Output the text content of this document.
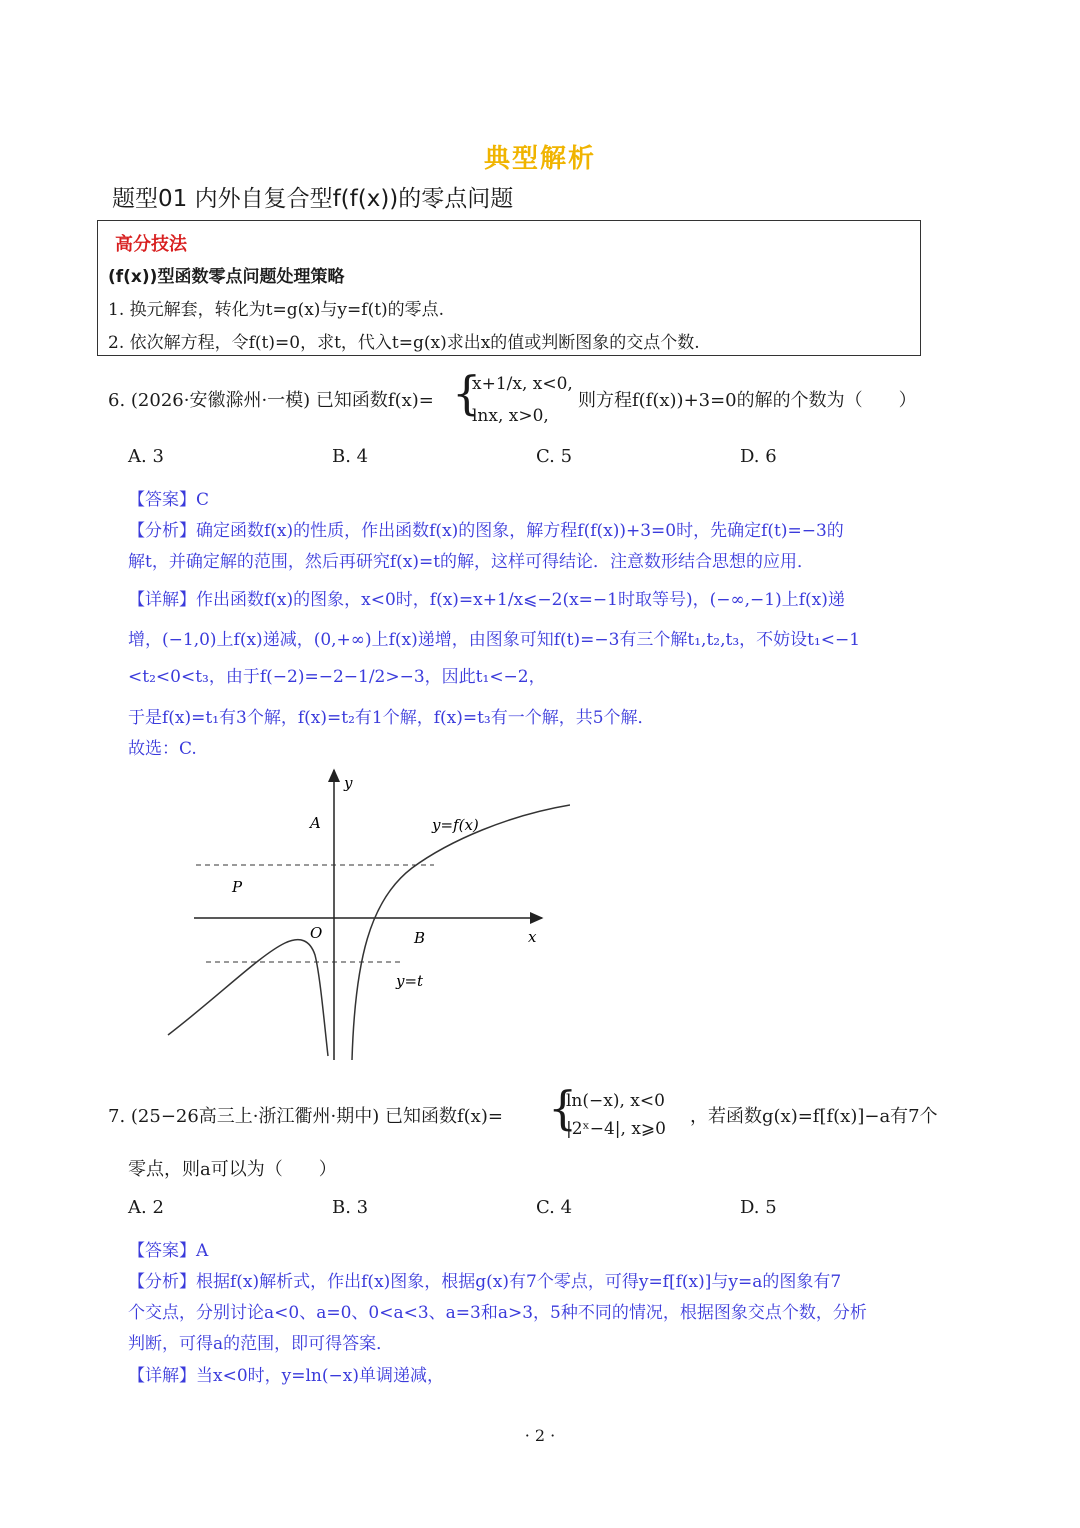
典型解析
题型01 内外自复合型f(f(x))的零点问题
高分技法
(f(x))型函数零点问题处理策略
1. 换元解套，转化为t=g(x)与y=f(t)的零点.
2. 依次解方程，令f(t)=0，求t，代入t=g(x)求出x的值或判断图象的交点个数.
6. (2026·安徽滁州·一模) 已知函数f(x)= {
x+1/x, x<0,
lnx, x>0,
则方程f(f(x))+3=0的解的个数为（　　）
A. 3	B. 4	C. 5	D. 6
【答案】C
【分析】确定函数f(x)的性质，作出函数f(x)的图象，解方程f(f(x))+3=0时，先确定f(t)=−3的
解t，并确定解的范围，然后再研究f(x)=t的解，这样可得结论．注意数形结合思想的应用．
【详解】作出函数f(x)的图象，x<0时，f(x)=x+1/x⩽−2(x=−1时取等号)，(−∞,−1)上f(x)递
增，(−1,0)上f(x)递减，(0,+∞)上f(x)递增，由图象可知f(t)=−3有三个解t₁,t₂,t₃，不妨设t₁<−1
<t₂<0<t₃，由于f(−2)=−2−1/2>−3，因此t₁<−2，
于是f(x)=t₁有3个解，f(x)=t₂有1个解，f(x)=t₃有一个解，共5个解．
故选：C.
y
x
A
P
O	B
y=f(x)
y=t
7. (25−26高三上·浙江衢州·期中) 已知函数f(x)= {
ln(−x), x<0
|2ˣ−4|, x⩾0
，若函数g(x)=f[f(x)]−a有7个
零点，则a可以为（　　）
A. 2	B. 3	C. 4	D. 5
【答案】A
【分析】根据f(x)解析式，作出f(x)图象，根据g(x)有7个零点，可得y=f[f(x)]与y=a的图象有7
个交点，分别讨论a<0、a=0、0<a<3、a=3和a>3，5种不同的情况，根据图象交点个数，分析
判断，可得a的范围，即可得答案．
【详解】当x<0时，y=ln(−x)单调递减，
· 2 ·
